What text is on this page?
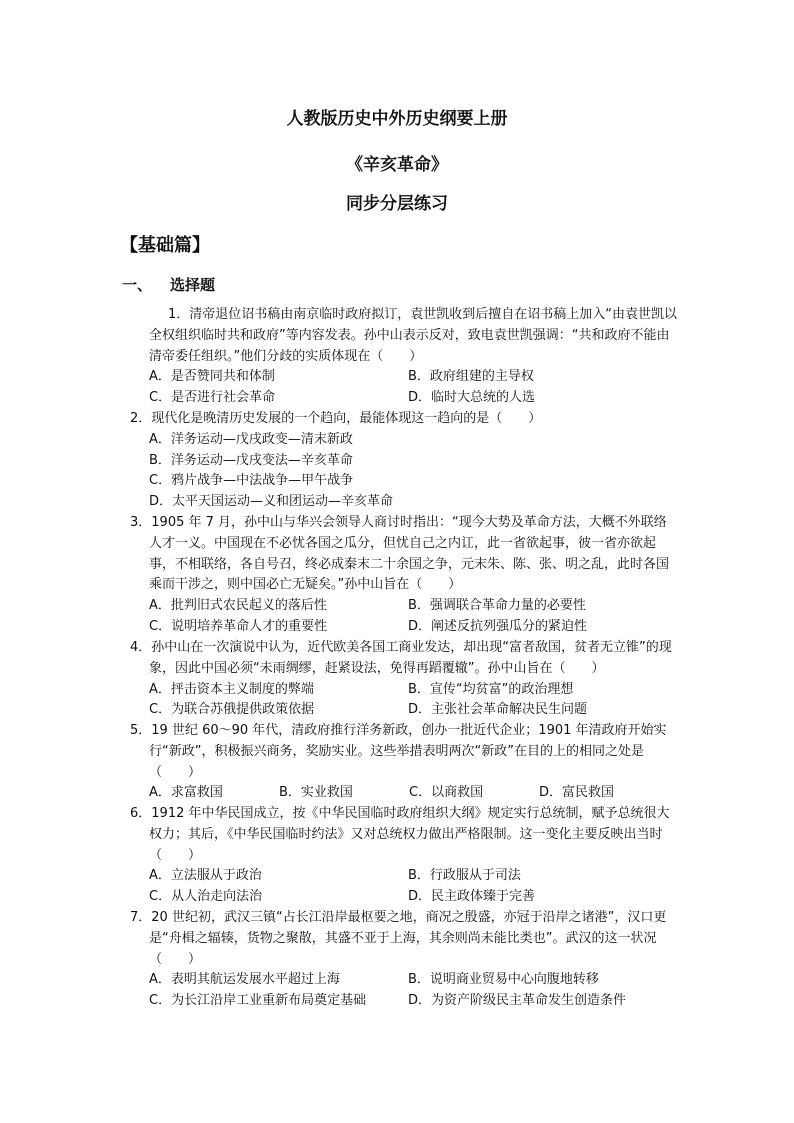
人教版历史中外历史纲要上册
《辛亥革命》
同步分层练习
【基础篇】
一、 选择题
1．清帝退位诏书稿由南京临时政府拟订，袁世凯收到后擅自在诏书稿上加入“由袁世凯以全权组织临时共和政府”等内容发表。孙中山表示反对，致电袁世凯强调：“共和政府不能由清帝委任组织。”他们分歧的实质体现在（　　）
A．是否赞同共和体制	B．政府组建的主导权
C．是否进行社会革命	D．临时大总统的人选
2．现代化是晚清历史发展的一个趋向，最能体现这一趋向的是（　　）
A．洋务运动—戊戌政变—清末新政
B．洋务运动—戊戌变法—辛亥革命
C．鸦片战争—中法战争—甲午战争
D．太平天国运动—义和团运动—辛亥革命
3．1905 年 7 月，孙中山与华兴会领导人商讨时指出：“现今大势及革命方法，大概不外联络人才一义。中国现在不必忧各国之瓜分，但忧自己之内讧，此一省欲起事，彼一省亦欲起事，不相联络，各自号召，终必成秦末二十余国之争，元末朱、陈、张、明之乱，此时各国乘而干涉之，则中国必亡无疑矣。”孙中山旨在（　　）
A．批判旧式农民起义的落后性	B．强调联合革命力量的必要性
C．说明培养革命人才的重要性	D．阐述反抗列强瓜分的紧迫性
4．孙中山在一次演说中认为，近代欧美各国工商业发达，却出现“富者敌国，贫者无立锥”的现象，因此中国必须“未雨绸缪，赶紧设法，免得再蹈覆辙”。孙中山旨在（　　）
A．抨击资本主义制度的弊端	B．宣传“均贫富”的政治理想
C．为联合苏俄提供政策依据	D．主张社会革命解决民生问题
5．19 世纪 60～90 年代，清政府推行洋务新政，创办一批近代企业；1901 年清政府开始实行“新政”，积极振兴商务，奖励实业。这些举措表明两次“新政”在目的上的相同之处是（　　）
A．求富救国	B．实业救国	C．以商救国	D．富民救国
6．1912 年中华民国成立，按《中华民国临时政府组织大纲》规定实行总统制，赋予总统很大权力；其后，《中华民国临时约法》又对总统权力做出严格限制。这一变化主要反映出当时（　　）
A．立法服从于政治	B．行政服从于司法
C．从人治走向法治	D．民主政体臻于完善
7．20 世纪初，武汉三镇“占长江沿岸最枢要之地，商况之殷盛，亦冠于沿岸之诸港”，汉口更是“舟楫之辐辏，货物之聚散，其盛不亚于上海，其余则尚未能比类也”。武汉的这一状况（　　）
A．表明其航运发展水平超过上海	B．说明商业贸易中心向腹地转移
C．为长江沿岸工业重新布局奠定基础	D．为资产阶级民主革命发生创造条件
